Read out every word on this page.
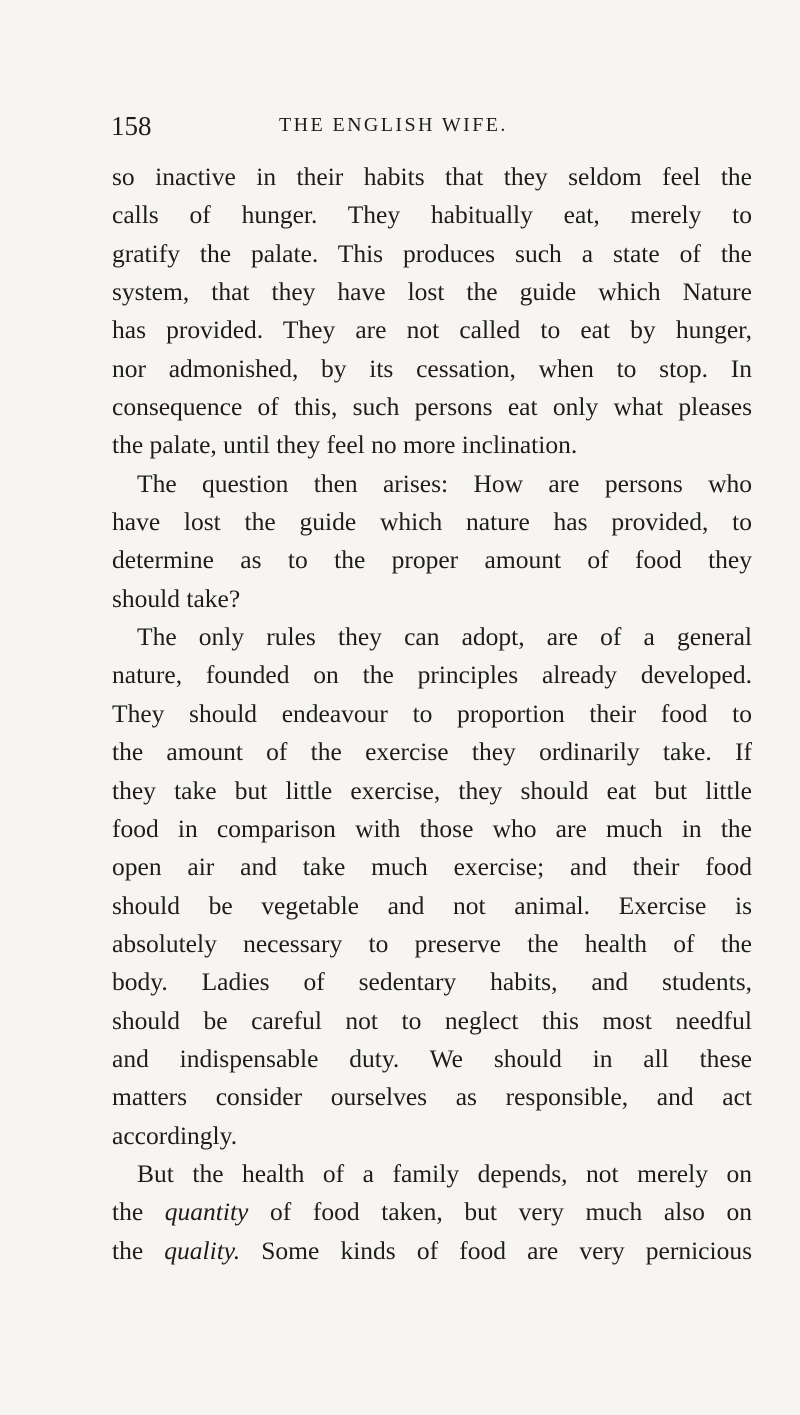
158	THE ENGLISH WIFE.
so inactive in their habits that they seldom feel the
calls of hunger. They habitually eat, merely to
gratify the palate. This produces such a state of the
system, that they have lost the guide which Nature
has provided. They are not called to eat by hunger,
nor admonished, by its cessation, when to stop. In
consequence of this, such persons eat only what pleases
the palate, until they feel no more inclination.
The question then arises: How are persons who
have lost the guide which nature has provided, to
determine as to the proper amount of food they
should take?
The only rules they can adopt, are of a general
nature, founded on the principles already developed.
They should endeavour to proportion their food to
the amount of the exercise they ordinarily take. If
they take but little exercise, they should eat but little
food in comparison with those who are much in the
open air and take much exercise; and their food
should be vegetable and not animal. Exercise is
absolutely necessary to preserve the health of the
body. Ladies of sedentary habits, and students,
should be careful not to neglect this most needful
and indispensable duty. We should in all these
matters consider ourselves as responsible, and act
accordingly.
But the health of a family depends, not merely on
the quantity of food taken, but very much also on
the quality. Some kinds of food are very pernicious
